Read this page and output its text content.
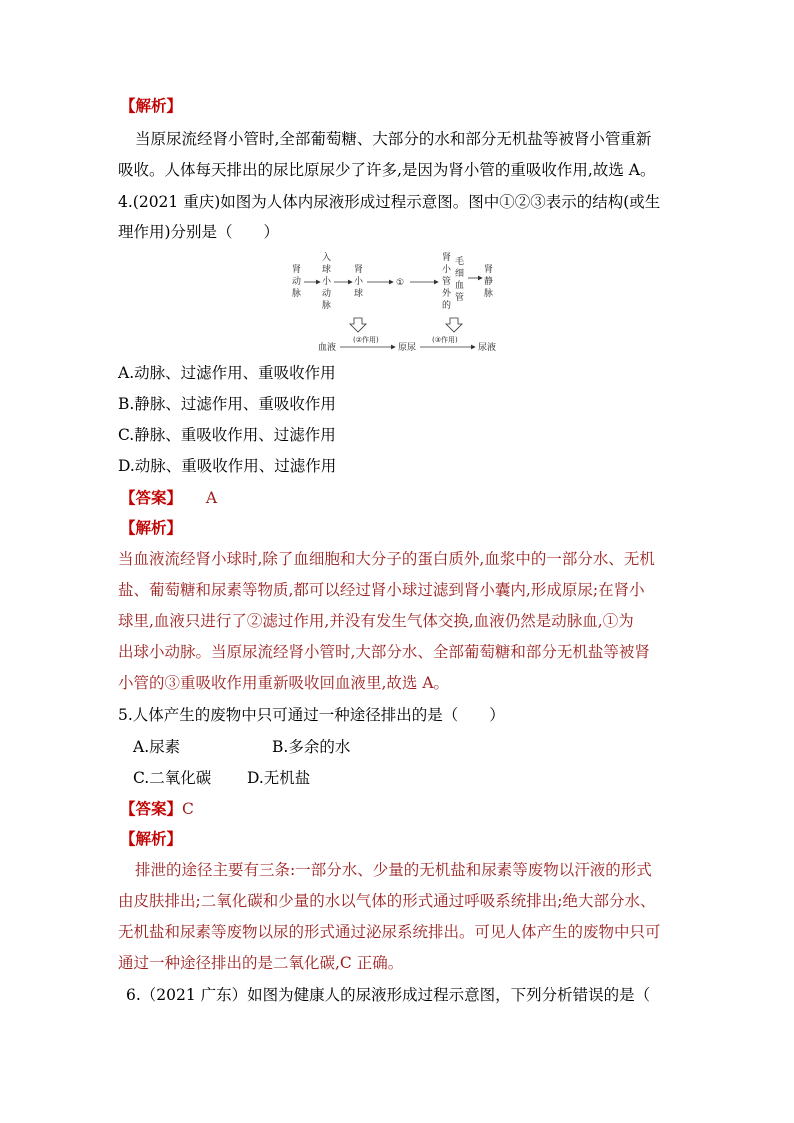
【解析】
当原尿流经肾小管时,全部葡萄糖、大部分的水和部分无机盐等被肾小管重新
吸收。人体每天排出的尿比原尿少了许多,是因为肾小管的重吸收作用,故选 A。
4.(2021 重庆)如图为人体内尿液形成过程示意图。图中①②③表示的结构(或生
理作用)分别是（　　）
肾
动
脉
入
球
小
动
脉
肾
小
球
①
肾
小
管
外
的
毛
细
血
管
肾
静
脉
血液
(②作用)
原尿
(③作用)
尿液
A.动脉、过滤作用、重吸收作用
B.静脉、过滤作用、重吸收作用
C.静脉、重吸收作用、过滤作用
D.动脉、重吸收作用、过滤作用
【答案】 A
【解析】
当血液流经肾小球时,除了血细胞和大分子的蛋白质外,血浆中的一部分水、无机
盐、葡萄糖和尿素等物质,都可以经过肾小球过滤到肾小囊内,形成原尿;在肾小
球里,血液只进行了②滤过作用,并没有发生气体交换,血液仍然是动脉血,①为
出球小动脉。当原尿流经肾小管时,大部分水、全部葡萄糖和部分无机盐等被肾
小管的③重吸收作用重新吸收回血液里,故选 A。
5.人体产生的废物中只可通过一种途径排出的是（　　）
A.尿素	B.多余的水
C.二氧化碳 D.无机盐
【答案】C
【解析】
排泄的途径主要有三条:一部分水、少量的无机盐和尿素等废物以汗液的形式
由皮肤排出;二氧化碳和少量的水以气体的形式通过呼吸系统排出;绝大部分水、
无机盐和尿素等废物以尿的形式通过泌尿系统排出。可见人体产生的废物中只可
通过一种途径排出的是二氧化碳,C 正确。
6.（2021 广东）如图为健康人的尿液形成过程示意图，下列分析错误的是（
